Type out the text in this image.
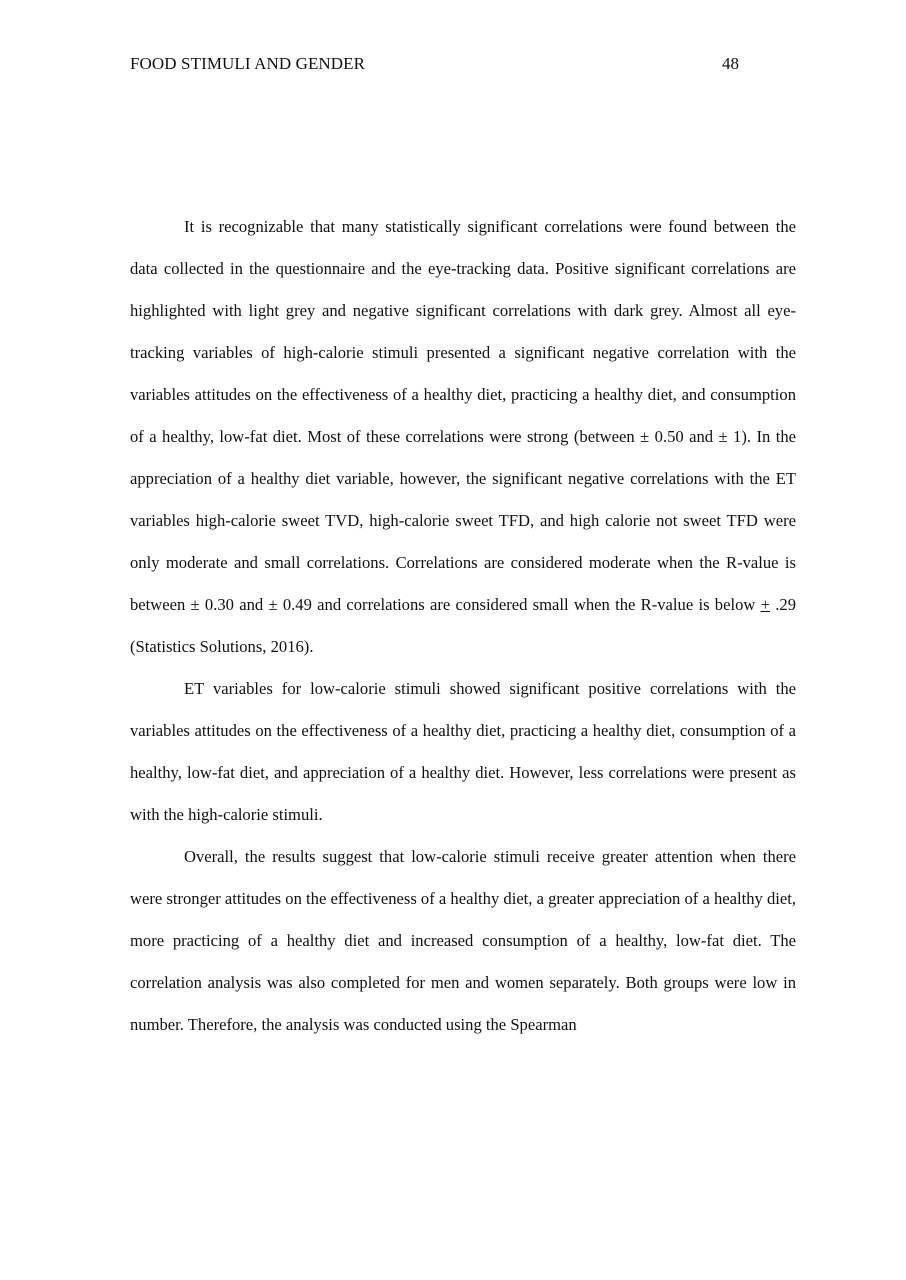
FOOD STIMULI AND GENDER	48

It is recognizable that many statistically significant correlations were found between the data collected in the questionnaire and the eye-tracking data. Positive significant correlations are highlighted with light grey and negative significant correlations with dark grey. Almost all eye-tracking variables of high-calorie stimuli presented a significant negative correlation with the variables attitudes on the effectiveness of a healthy diet, practicing a healthy diet, and consumption of a healthy, low-fat diet. Most of these correlations were strong (between ± 0.50 and ± 1). In the appreciation of a healthy diet variable, however, the significant negative correlations with the ET variables high-calorie sweet TVD, high-calorie sweet TFD, and high calorie not sweet TFD were only moderate and small correlations. Correlations are considered moderate when the R-value is between ± 0.30 and ± 0.49 and correlations are considered small when the R-value is below + .29 (Statistics Solutions, 2016).

ET variables for low-calorie stimuli showed significant positive correlations with the variables attitudes on the effectiveness of a healthy diet, practicing a healthy diet, consumption of a healthy, low-fat diet, and appreciation of a healthy diet. However, less correlations were present as with the high-calorie stimuli.

Overall, the results suggest that low-calorie stimuli receive greater attention when there were stronger attitudes on the effectiveness of a healthy diet, a greater appreciation of a healthy diet, more practicing of a healthy diet and increased consumption of a healthy, low-fat diet. The correlation analysis was also completed for men and women separately. Both groups were low in number. Therefore, the analysis was conducted using the Spearman
